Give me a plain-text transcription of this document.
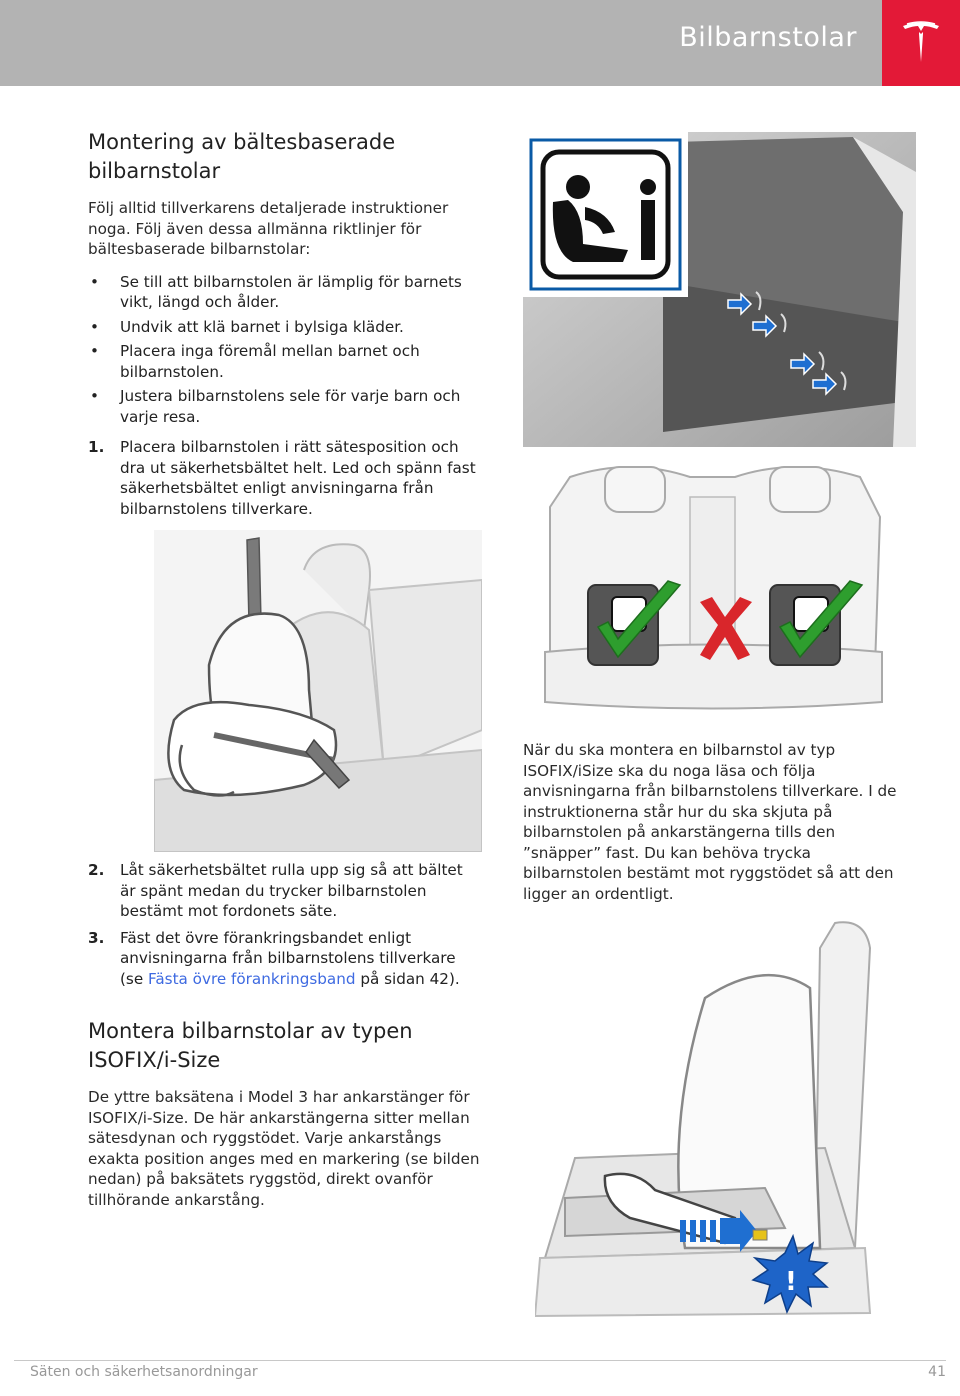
Bilbarnstolar
Montering av bältesbaserade bilbarnstolar

Följ alltid tillverkarens detaljerade instruktioner noga. Följ även dessa allmänna riktlinjer för bältesbaserade bilbarnstolar:

• Se till att bilbarnstolen är lämplig för barnets vikt, längd och ålder.
• Undvik att klä barnet i bylsiga kläder.
• Placera inga föremål mellan barnet och bilbarnstolen.
• Justera bilbarnstolens sele för varje barn och varje resa.
1. Placera bilbarnstolen i rätt sätesposition och dra ut säkerhetsbältet helt. Led och spänn fast säkerhetsbältet enligt anvisningarna från bilbarnstolens tillverkare.
2. Låt säkerhetsbältet rulla upp sig så att bältet är spänt medan du trycker bilbarnstolen bestämt mot fordonets säte.
3. Fäst det övre förankringsbandet enligt anvisningarna från bilbarnstolens tillverkare (se Fästa övre förankringsband på sidan 42).
Montera bilbarnstolar av typen ISOFIX/i-Size

De yttre baksätena i Model 3 har ankarstänger för ISOFIX/i-Size. De här ankarstängerna sitter mellan sätesdynan och ryggstödet. Varje ankarstångs exakta position anges med en markering (se bilden nedan) på baksätets ryggstöd, direkt ovanför tillhörande ankarstång.

När du ska montera en bilbarnstol av typ ISOFIX/iSize ska du noga läsa och följa anvisningarna från bilbarnstolens tillverkare. I de instruktionerna står hur du ska skjuta på bilbarnstolen på ankarstängerna tills den ”snäpper” fast. Du kan behöva trycka bilbarnstolen bestämt mot ryggstödet så att den ligger an ordentligt.

!
Säten och säkerhetsanordningar	41
